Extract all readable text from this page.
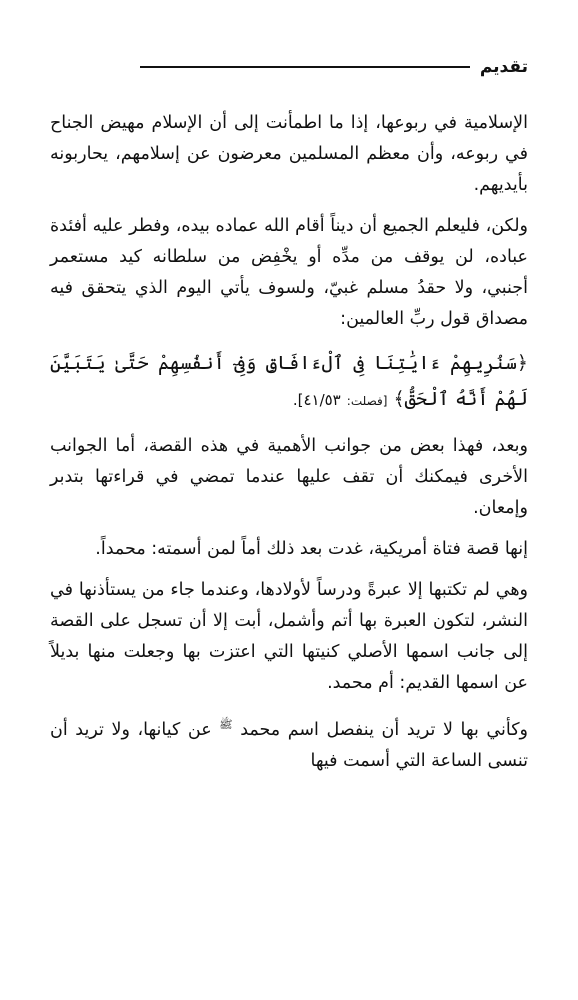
تقديم

الإسلامية في ربوعها، إذا ما اطمأنت إلى أن الإسلام مهيض الجناح في ربوعه، وأن معظم المسلمين معرضون عن إسلامهم، يحاربونه بأيديهم.

ولكن، فليعلم الجميع أن ديناً أقام الله عماده بيده، وفطر عليه أفئدة عباده، لن يوقف من مدِّه أو يخْفِض من سلطانه كيد مستعمر أجنبي، ولا حقدُ مسلم غبيّ، ولسوف يأتي اليوم الذي يتحقق فيه مصداق قول ربِّ العالمين:

﴿سَنُرِيهِمْ ءَايَٰتِنَا فِى ٱلْءَافَاقِ وَفِىٓ أَنفُسِهِمْ حَتَّىٰ يَتَبَيَّنَ لَهُمْ أَنَّهُ ٱلْحَقُّ﴾ [فصلت: ٤١/٥٣].

وبعد، فهذا بعض من جوانب الأهمية في هذه القصة، أما الجوانب الأخرى فيمكنك أن تقف عليها عندما تمضي في قراءتها بتدبر وإمعان.

إنها قصة فتاة أمريكية، غدت بعد ذلك أماً لمن أسمته: محمداً.

وهي لم تكتبها إلا عبرةً ودرساً لأولادها، وعندما جاء من يستأذنها في النشر، لتكون العبرة بها أتم وأشمل، أبت إلا أن تسجل على القصة إلى جانب اسمها الأصلي كنيتها التي اعتزت بها وجعلت منها بديلاً عن اسمها القديم: أم محمد.

وكأني بها لا تريد أن ينفصل اسم محمد $^ﷺ$ عن كيانها، ولا تريد أن تنسى الساعة التي أسمت فيها
